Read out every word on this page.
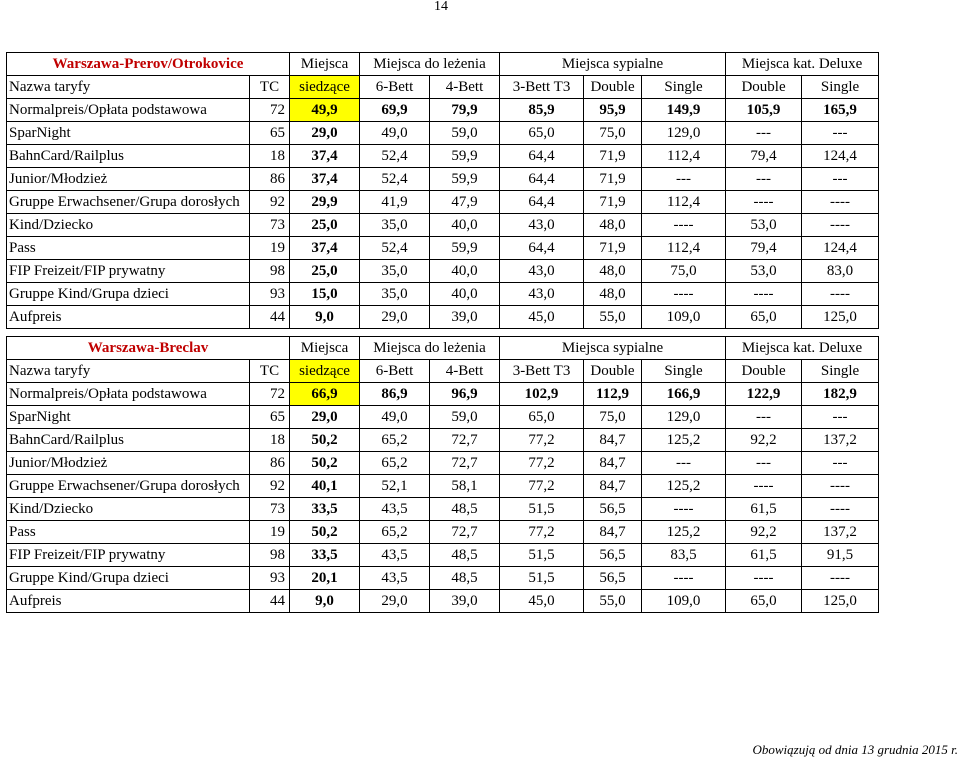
14
Warszawa-Prerov/Otrokovice		Miejsca	Miejsca do leżenia		Miejsca sypialne			Miejsca kat. Deluxe	
Nazwa taryfy	TC	siedzące	6-Bett	4-Bett	3-Bett T3	Double	Single	Double	Single
Normalpreis/Opłata podstawowa	72	49,9	69,9	79,9	85,9	95,9	149,9	105,9	165,9
SparNight	65	29,0	49,0	59,0	65,0	75,0	129,0	---	---
BahnCard/Railplus	18	37,4	52,4	59,9	64,4	71,9	112,4	79,4	124,4
Junior/Młodzież	86	37,4	52,4	59,9	64,4	71,9	---	---	---
Gruppe Erwachsener/Grupa dorosłych	92	29,9	41,9	47,9	64,4	71,9	112,4	----	----
Kind/Dziecko	73	25,0	35,0	40,0	43,0	48,0	----	53,0	----
Pass	19	37,4	52,4	59,9	64,4	71,9	112,4	79,4	124,4
FIP Freizeit/FIP prywatny	98	25,0	35,0	40,0	43,0	48,0	75,0	53,0	83,0
Gruppe Kind/Grupa dzieci	93	15,0	35,0	40,0	43,0	48,0	----	----	----
Aufpreis	44	9,0	29,0	39,0	45,0	55,0	109,0	65,0	125,0
Warszawa-Breclav		Miejsca	Miejsca do leżenia		Miejsca sypialne			Miejsca kat. Deluxe	
Nazwa taryfy	TC	siedzące	6-Bett	4-Bett	3-Bett T3	Double	Single	Double	Single
Normalpreis/Opłata podstawowa	72	66,9	86,9	96,9	102,9	112,9	166,9	122,9	182,9
SparNight	65	29,0	49,0	59,0	65,0	75,0	129,0	---	---
BahnCard/Railplus	18	50,2	65,2	72,7	77,2	84,7	125,2	92,2	137,2
Junior/Młodzież	86	50,2	65,2	72,7	77,2	84,7	---	---	---
Gruppe Erwachsener/Grupa dorosłych	92	40,1	52,1	58,1	77,2	84,7	125,2	----	----
Kind/Dziecko	73	33,5	43,5	48,5	51,5	56,5	----	61,5	----
Pass	19	50,2	65,2	72,7	77,2	84,7	125,2	92,2	137,2
FIP Freizeit/FIP prywatny	98	33,5	43,5	48,5	51,5	56,5	83,5	61,5	91,5
Gruppe Kind/Grupa dzieci	93	20,1	43,5	48,5	51,5	56,5	----	----	----
Aufpreis	44	9,0	29,0	39,0	45,0	55,0	109,0	65,0	125,0
Obowiązują od dnia 13 grudnia 2015 r.
